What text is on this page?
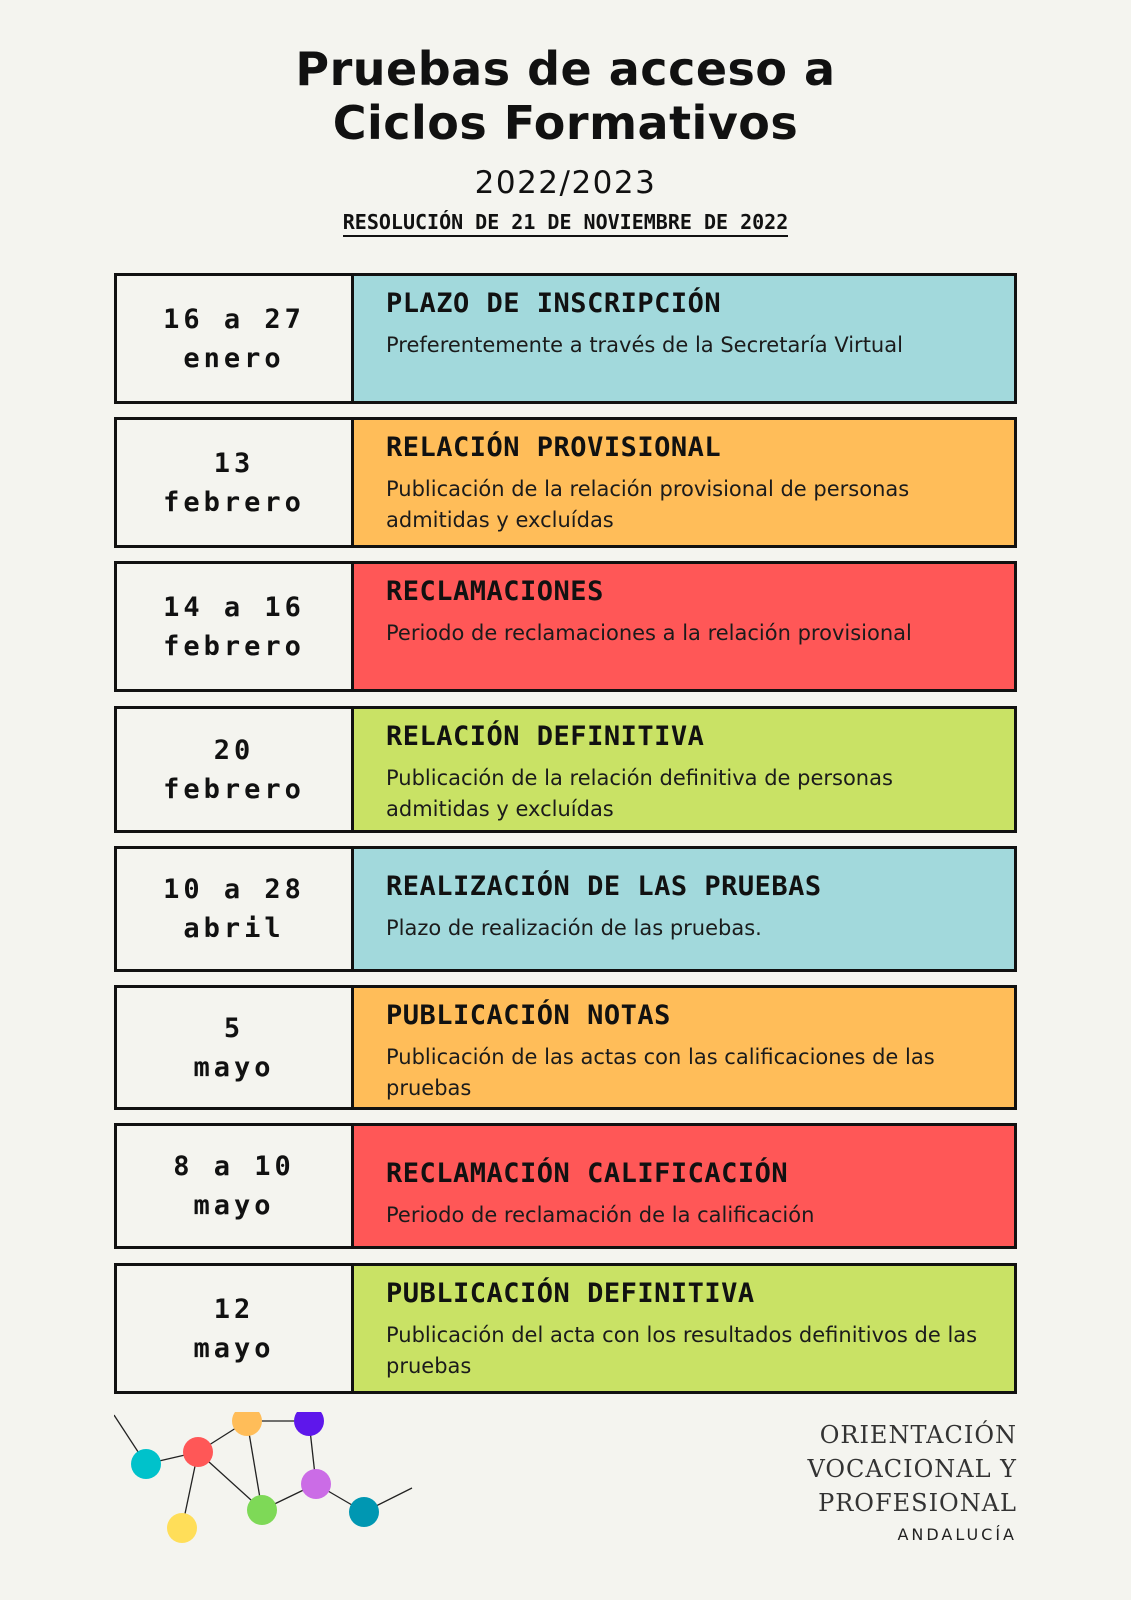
Pruebas de acceso a
Ciclos Formativos
2022/2023
RESOLUCIÓN DE 21 DE NOVIEMBRE DE 2022
16 a 27
enero
PLAZO DE INSCRIPCIÓN
Preferentemente a través de la Secretaría Virtual
13
febrero
RELACIÓN PROVISIONAL
Publicación de la relación provisional de personas admitidas y excluídas
14 a 16
febrero
RECLAMACIONES
Periodo de reclamaciones a la relación provisional
20
febrero
RELACIÓN DEFINITIVA
Publicación de la relación definitiva de personas admitidas y excluídas
10 a 28
abril
REALIZACIÓN DE LAS PRUEBAS
Plazo de realización de las pruebas.
5
mayo
PUBLICACIÓN NOTAS
Publicación de las actas con las calificaciones de las pruebas
8 a 10
mayo
RECLAMACIÓN CALIFICACIÓN
Periodo de reclamación de la calificación
12
mayo
PUBLICACIÓN DEFINITIVA
Publicación del acta con los resultados definitivos de las pruebas
ORIENTACIÓN
VOCACIONAL Y
PROFESIONAL
ANDALUCÍA
